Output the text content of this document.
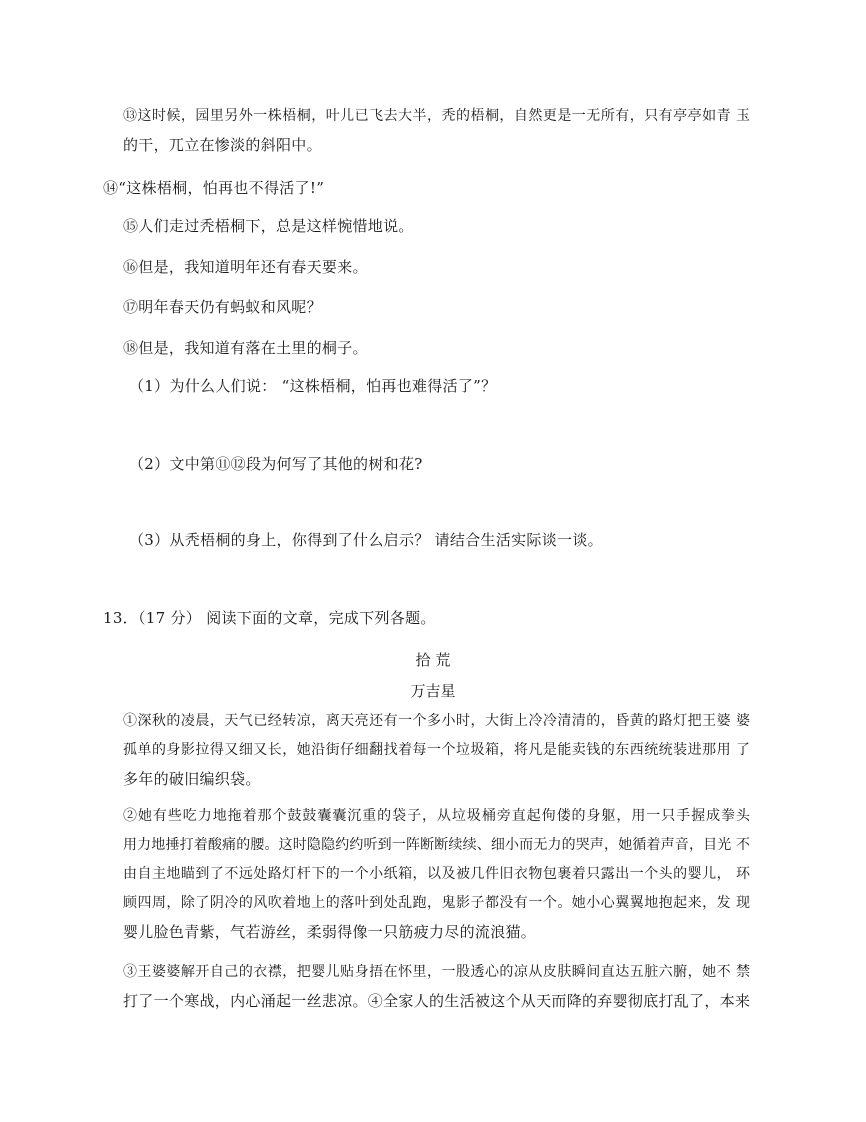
⑬这时候，园里另外一株梧桐，叶儿已飞去大半，秃的梧桐，自然更是一无所有，只有亭亭如青 玉
的干，兀立在惨淡的斜阳中。
⑭“这株梧桐，怕再也不得活了!”
⑮人们走过秃梧桐下，总是这样惋惜地说。
⑯但是，我知道明年还有春天要来。
⑰明年春天仍有蚂蚁和风呢？
⑱但是，我知道有落在土里的桐子。
（1）为什么人们说： “这株梧桐，怕再也难得活了”？
（2）文中第⑪⑫段为何写了其他的树和花?
（3）从秃梧桐的身上，你得到了什么启示？ 请结合生活实际谈一谈。
13．（17 分） 阅读下面的文章，完成下列各题。
拾 荒
万吉星
①深秋的凌晨，天气已经转凉，离天亮还有一个多小时，大街上冷冷清清的，昏黄的路灯把王婆 婆
孤单的身影拉得又细又长，她沿街仔细翻找着每一个垃圾箱，将凡是能卖钱的东西统统装进那用 了
多年的破旧编织袋。
②她有些吃力地拖着那个鼓鼓囊囊沉重的袋子，从垃圾桶旁直起佝偻的身躯，用一只手握成拳头
用力地捶打着酸痛的腰。这时隐隐约约听到一阵断断续续、细小而无力的哭声，她循着声音，目光 不
由自主地瞄到了不远处路灯杆下的一个小纸箱，以及被几件旧衣物包裹着只露出一个头的婴儿， 环
顾四周，除了阴冷的风吹着地上的落叶到处乱跑，鬼影子都没有一个。她小心翼翼地抱起来，发 现
婴儿脸色青紫，气若游丝，柔弱得像一只筋疲力尽的流浪猫。
③王婆婆解开自己的衣襟，把婴儿贴身捂在怀里，一股透心的凉从皮肤瞬间直达五脏六腑，她不 禁
打了一个寒战，内心涌起一丝悲凉。④全家人的生活被这个从天而降的弃婴彻底打乱了，本来
